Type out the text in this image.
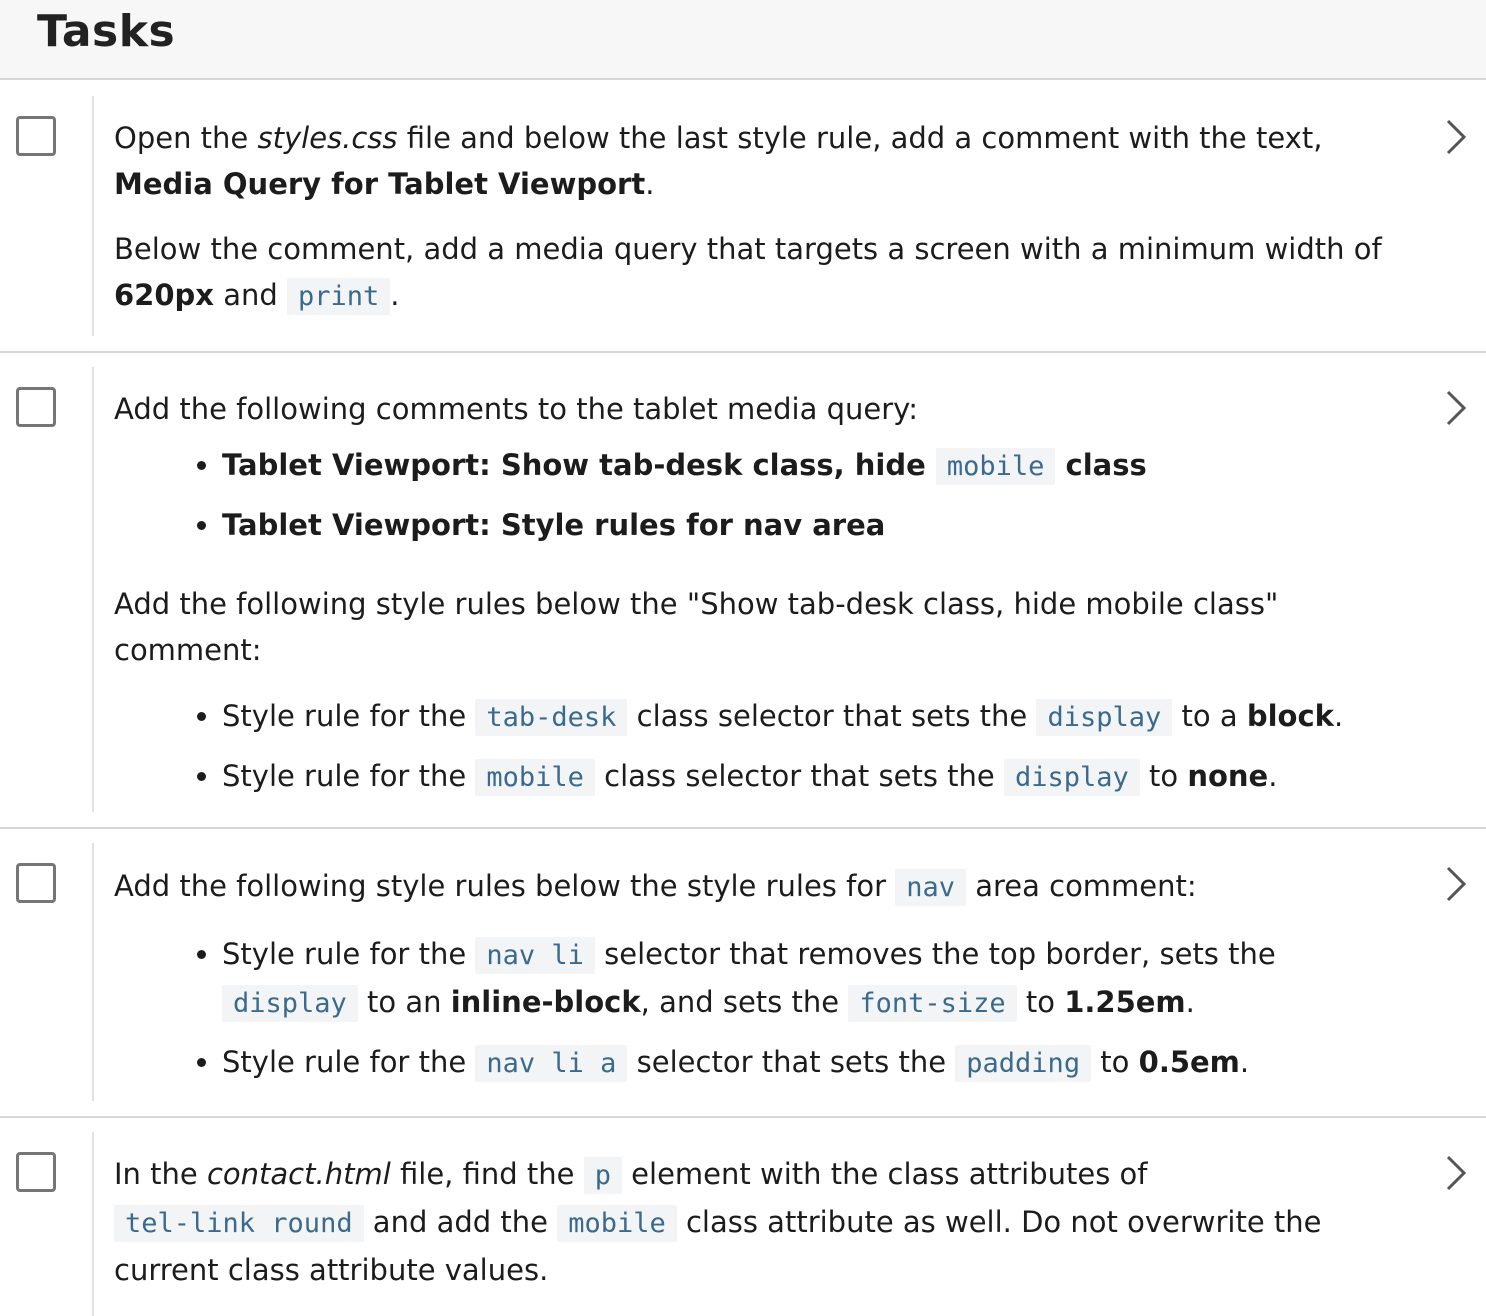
Tasks

Open the styles.css file and below the last style rule, add a comment with the text,

Media Query for Tablet Viewport.

Below the comment, add a media query that targets a screen with a minimum width of

620px and print .

Add the following comments to the tablet media query:

• Tablet Viewport: Show tab-desk class, hide mobile class
• Tablet Viewport: Style rules for nav area

Add the following style rules below the "Show tab-desk class, hide mobile class" comment:

• Style rule for the tab-desk class selector that sets the display to a block.
• Style rule for the mobile class selector that sets the display to none.

Add the following style rules below the style rules for nav area comment:

• Style rule for the nav li selector that removes the top border, sets the
display to an inline-block, and sets the font-size to 1.25em.
• Style rule for the nav li a selector that sets the padding to 0.5em.

In the contact.html file, find the p element with the class attributes of

tel-link round and add the mobile class attribute as well. Do not overwrite the

current class attribute values.
